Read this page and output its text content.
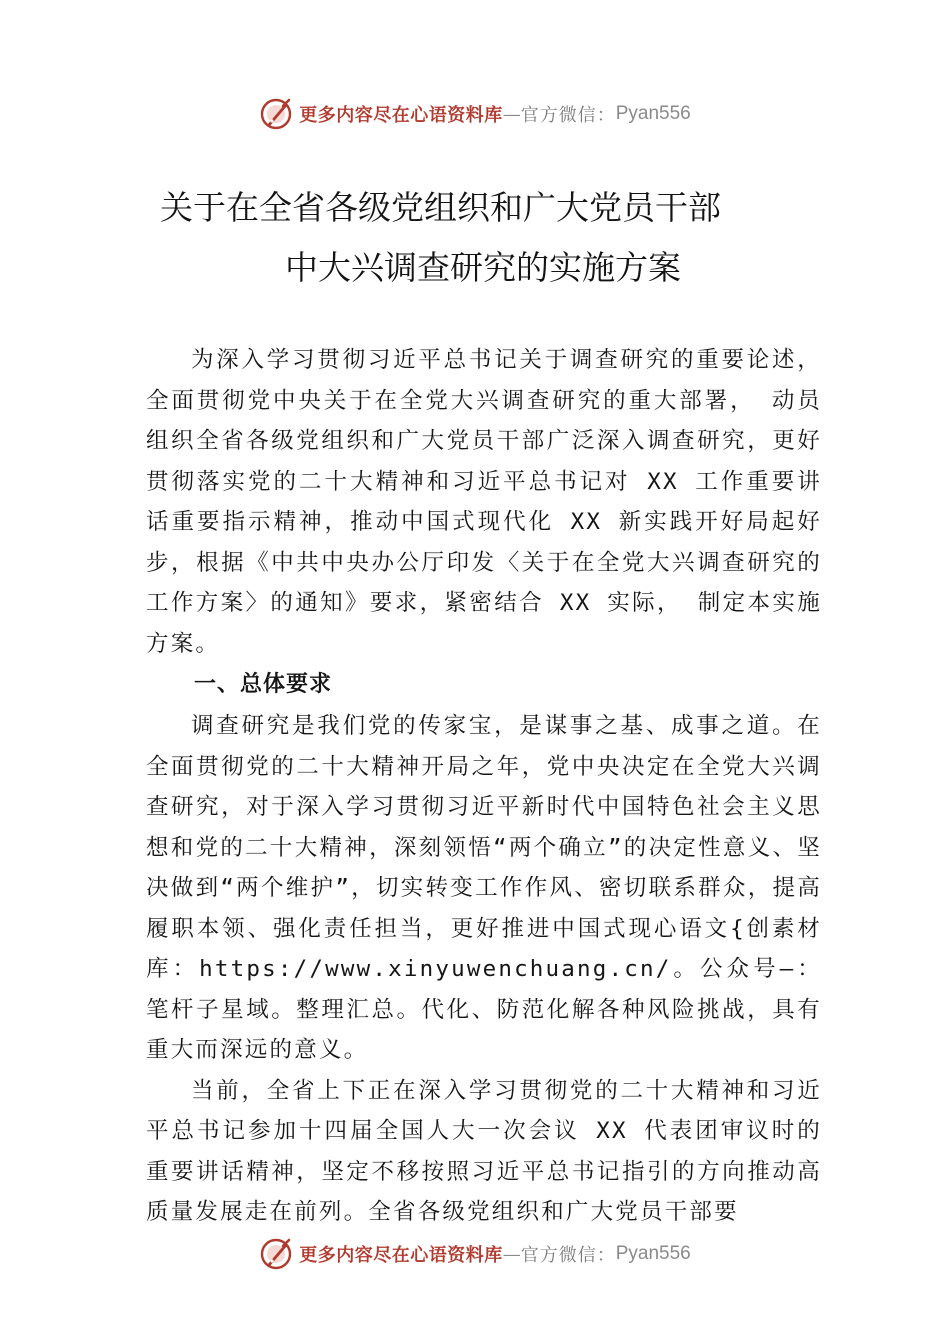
更多内容尽在心语资料库 — 官方微信： Pyan556
关于在全省各级党组织和广大党员干部
中大兴调查研究的实施方案

为深入学习贯彻习近平总书记关于调查研究的重要论述，全面贯彻党中央关于在全党大兴调查研究的重大部署， 动员组织全省各级党组织和广大党员干部广泛深入调查研究，更好贯彻落实党的二十大精神和习近平总书记对 XX 工作重要讲话重要指示精神，推动中国式现代化 XX 新实践开好局起好步，根据《中共中央办公厅印发〈关于在全党大兴调查研究的工作方案〉的通知》要求，紧密结合 XX 实际， 制定本实施方案。

一、总体要求

调查研究是我们党的传家宝，是谋事之基、成事之道。在全面贯彻党的二十大精神开局之年，党中央决定在全党大兴调查研究，对于深入学习贯彻习近平新时代中国特色社会主义思想和党的二十大精神，深刻领悟“两个确立”的决定性意义、坚决做到“两个维护”，切实转变工作作风、密切联系群众，提高履职本领、强化责任担当，更好推进中国式现心语文{创素材库：https://www.xinyuwenchuang.cn/。公众号—：笔杆子星域。整理汇总。代化、防范化解各种风险挑战，具有重大而深远的意义。

当前，全省上下正在深入学习贯彻党的二十大精神和习近平总书记参加十四届全国人大一次会议 XX 代表团审议时的重要讲话精神，坚定不移按照习近平总书记指引的方向推动高质量发展走在前列。全省各级党组织和广大党员干部要

更多内容尽在心语资料库 — 官方微信： Pyan556
